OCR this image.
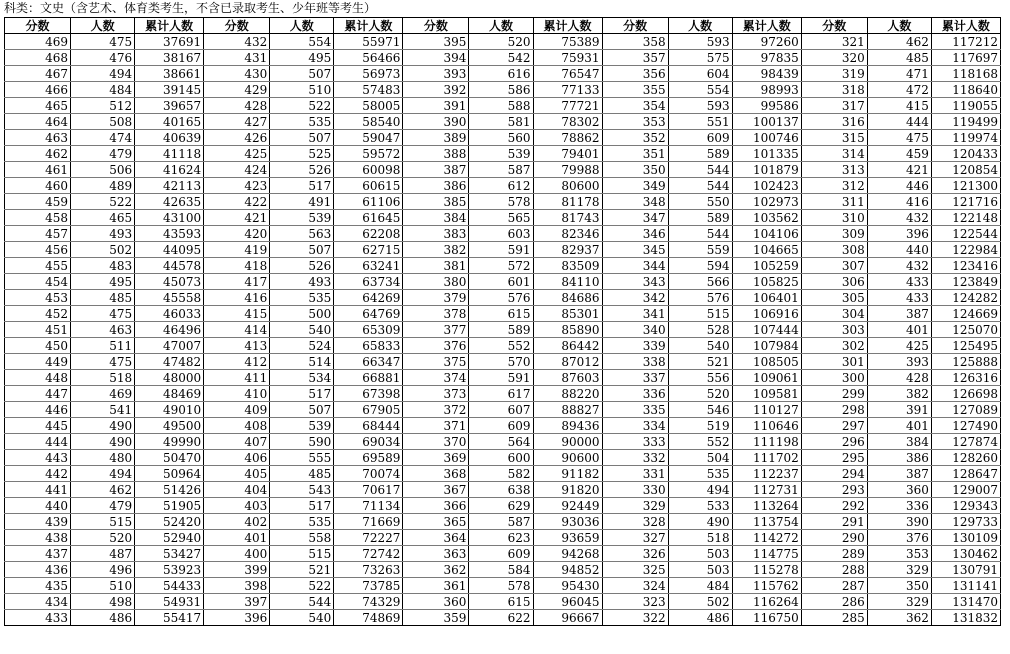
科类：文史（含艺术、体育类考生，不含已录取考生、少年班等考生）
分数	人数	累计人数	分数	人数	累计人数	分数	人数	累计人数	分数	人数	累计人数	分数	人数	累计人数
469	475	37691	432	554	55971	395	520	75389	358	593	97260	321	462	117212
468	476	38167	431	495	56466	394	542	75931	357	575	97835	320	485	117697
467	494	38661	430	507	56973	393	616	76547	356	604	98439	319	471	118168
466	484	39145	429	510	57483	392	586	77133	355	554	98993	318	472	118640
465	512	39657	428	522	58005	391	588	77721	354	593	99586	317	415	119055
464	508	40165	427	535	58540	390	581	78302	353	551	100137	316	444	119499
463	474	40639	426	507	59047	389	560	78862	352	609	100746	315	475	119974
462	479	41118	425	525	59572	388	539	79401	351	589	101335	314	459	120433
461	506	41624	424	526	60098	387	587	79988	350	544	101879	313	421	120854
460	489	42113	423	517	60615	386	612	80600	349	544	102423	312	446	121300
459	522	42635	422	491	61106	385	578	81178	348	550	102973	311	416	121716
458	465	43100	421	539	61645	384	565	81743	347	589	103562	310	432	122148
457	493	43593	420	563	62208	383	603	82346	346	544	104106	309	396	122544
456	502	44095	419	507	62715	382	591	82937	345	559	104665	308	440	122984
455	483	44578	418	526	63241	381	572	83509	344	594	105259	307	432	123416
454	495	45073	417	493	63734	380	601	84110	343	566	105825	306	433	123849
453	485	45558	416	535	64269	379	576	84686	342	576	106401	305	433	124282
452	475	46033	415	500	64769	378	615	85301	341	515	106916	304	387	124669
451	463	46496	414	540	65309	377	589	85890	340	528	107444	303	401	125070
450	511	47007	413	524	65833	376	552	86442	339	540	107984	302	425	125495
449	475	47482	412	514	66347	375	570	87012	338	521	108505	301	393	125888
448	518	48000	411	534	66881	374	591	87603	337	556	109061	300	428	126316
447	469	48469	410	517	67398	373	617	88220	336	520	109581	299	382	126698
446	541	49010	409	507	67905	372	607	88827	335	546	110127	298	391	127089
445	490	49500	408	539	68444	371	609	89436	334	519	110646	297	401	127490
444	490	49990	407	590	69034	370	564	90000	333	552	111198	296	384	127874
443	480	50470	406	555	69589	369	600	90600	332	504	111702	295	386	128260
442	494	50964	405	485	70074	368	582	91182	331	535	112237	294	387	128647
441	462	51426	404	543	70617	367	638	91820	330	494	112731	293	360	129007
440	479	51905	403	517	71134	366	629	92449	329	533	113264	292	336	129343
439	515	52420	402	535	71669	365	587	93036	328	490	113754	291	390	129733
438	520	52940	401	558	72227	364	623	93659	327	518	114272	290	376	130109
437	487	53427	400	515	72742	363	609	94268	326	503	114775	289	353	130462
436	496	53923	399	521	73263	362	584	94852	325	503	115278	288	329	130791
435	510	54433	398	522	73785	361	578	95430	324	484	115762	287	350	131141
434	498	54931	397	544	74329	360	615	96045	323	502	116264	286	329	131470
433	486	55417	396	540	74869	359	622	96667	322	486	116750	285	362	131832
